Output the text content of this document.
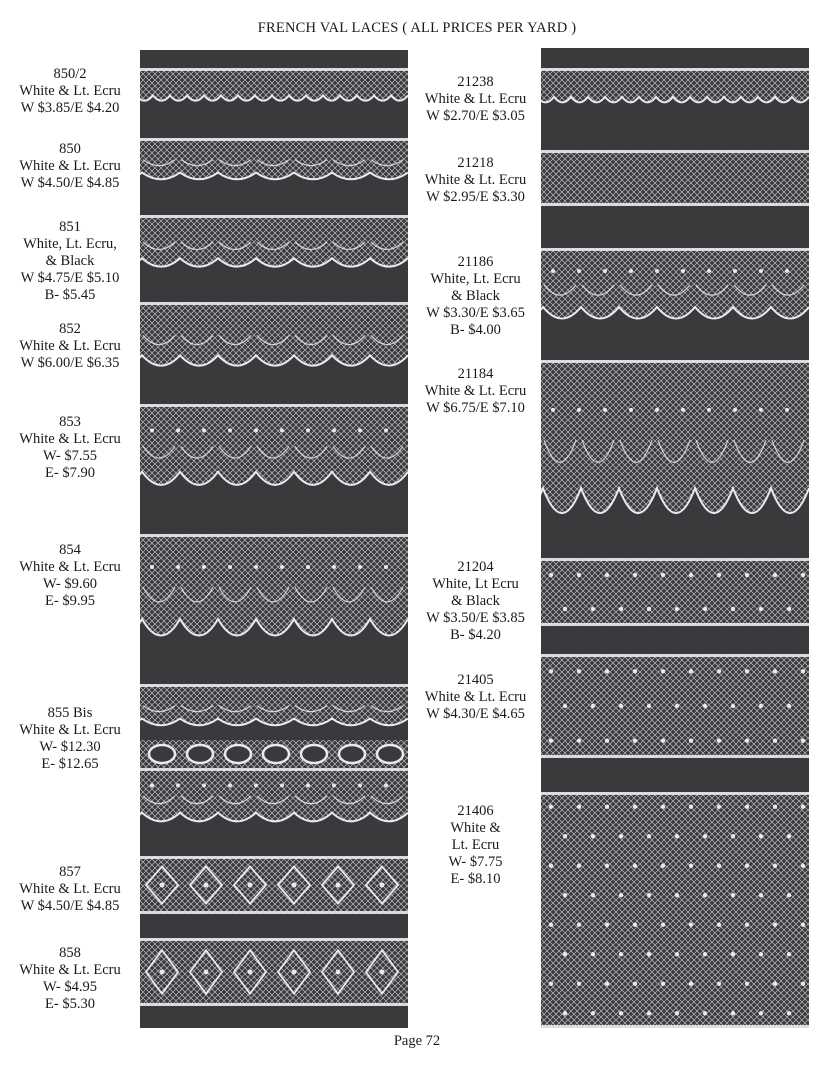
FRENCH VAL LACES ( ALL PRICES PER YARD )
850/2
White & Lt. Ecru
W $3.85/E $4.20
850
White & Lt. Ecru
W $4.50/E $4.85
851
White, Lt. Ecru,
& Black
W $4.75/E $5.10
B- $5.45
852
White & Lt. Ecru
W $6.00/E $6.35
853
White & Lt. Ecru
W- $7.55
E- $7.90
854
White & Lt. Ecru
W- $9.60
E- $9.95
855 Bis
White & Lt. Ecru
W- $12.30
E- $12.65
857
White & Lt. Ecru
W $4.50/E $4.85
858
White & Lt. Ecru
W- $4.95
E- $5.30
21238
White & Lt. Ecru
W $2.70/E $3.05
21218
White & Lt. Ecru
W $2.95/E $3.30
21186
White, Lt. Ecru
& Black
W $3.30/E $3.65
B- $4.00
21184
White & Lt. Ecru
W $6.75/E $7.10
21204
White, Lt Ecru
& Black
W $3.50/E $3.85
B- $4.20
21405
White & Lt. Ecru
W $4.30/E $4.65
21406
White &
Lt. Ecru
W- $7.75
E- $8.10
Page 72
